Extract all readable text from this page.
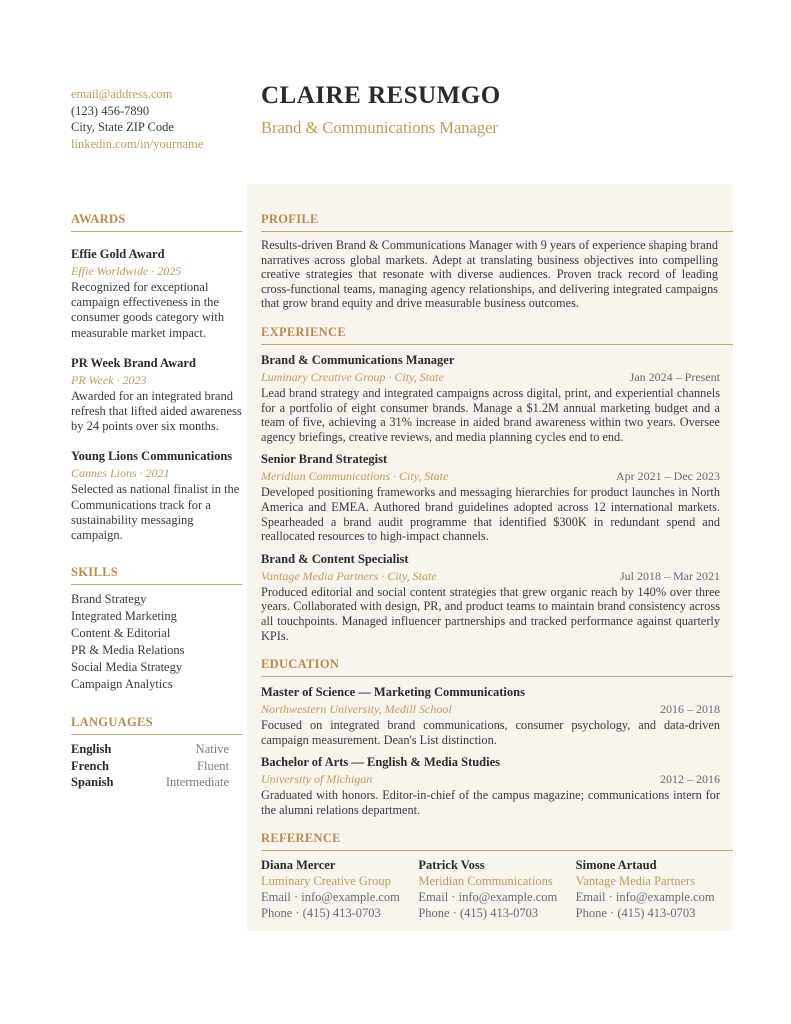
email@address.com
(123) 456-7890
City, State ZIP Code
linkedin.com/in/yourname
CLAIRE RESUMGO
Brand & Communications Manager
AWARDS
Effie Gold Award
Effie Worldwide · 2025
Recognized for exceptional campaign effectiveness in the consumer goods category with measurable market impact.
PR Week Brand Award
PR Week · 2023
Awarded for an integrated brand refresh that lifted aided awareness by 24 points over six months.
Young Lions Communications
Cannes Lions · 2021
Selected as national finalist in the Communications track for a sustainability messaging campaign.
SKILLS
Brand Strategy
Integrated Marketing
Content & Editorial
PR & Media Relations
Social Media Strategy
Campaign Analytics
LANGUAGES
English	Native
French	Fluent
Spanish	Intermediate
PROFILE
Results-driven Brand & Communications Manager with 9 years of experience shaping brand narratives across global markets. Adept at translating business objectives into compelling creative strategies that resonate with diverse audiences. Proven track record of leading cross-functional teams, managing agency relationships, and delivering integrated campaigns that grow brand equity and drive measurable business outcomes.
EXPERIENCE
Brand & Communications Manager
Luminary Creative Group · City, State	Jan 2024 – Present
Lead brand strategy and integrated campaigns across digital, print, and experiential channels for a portfolio of eight consumer brands. Manage a $1.2M annual marketing budget and a team of five, achieving a 31% increase in aided brand awareness within two years. Oversee agency briefings, creative reviews, and media planning cycles end to end.
Senior Brand Strategist
Meridian Communications · City, State	Apr 2021 – Dec 2023
Developed positioning frameworks and messaging hierarchies for product launches in North America and EMEA. Authored brand guidelines adopted across 12 international markets. Spearheaded a brand audit programme that identified $300K in redundant spend and reallocated resources to high-impact channels.
Brand & Content Specialist
Vantage Media Partners · City, State	Jul 2018 – Mar 2021
Produced editorial and social content strategies that grew organic reach by 140% over three years. Collaborated with design, PR, and product teams to maintain brand consistency across all touchpoints. Managed influencer partnerships and tracked performance against quarterly KPIs.
EDUCATION
Master of Science — Marketing Communications
Northwestern University, Medill School	2016 – 2018
Focused on integrated brand communications, consumer psychology, and data-driven campaign measurement. Dean's List distinction.
Bachelor of Arts — English & Media Studies
University of Michigan	2012 – 2016
Graduated with honors. Editor-in-chief of the campus magazine; communications intern for the alumni relations department.
REFERENCE
Diana Mercer
Luminary Creative Group
Email · info@example.com
Phone · (415) 413-0703
Patrick Voss
Meridian Communications
Email · info@example.com
Phone · (415) 413-0703
Simone Artaud
Vantage Media Partners
Email · info@example.com
Phone · (415) 413-0703
